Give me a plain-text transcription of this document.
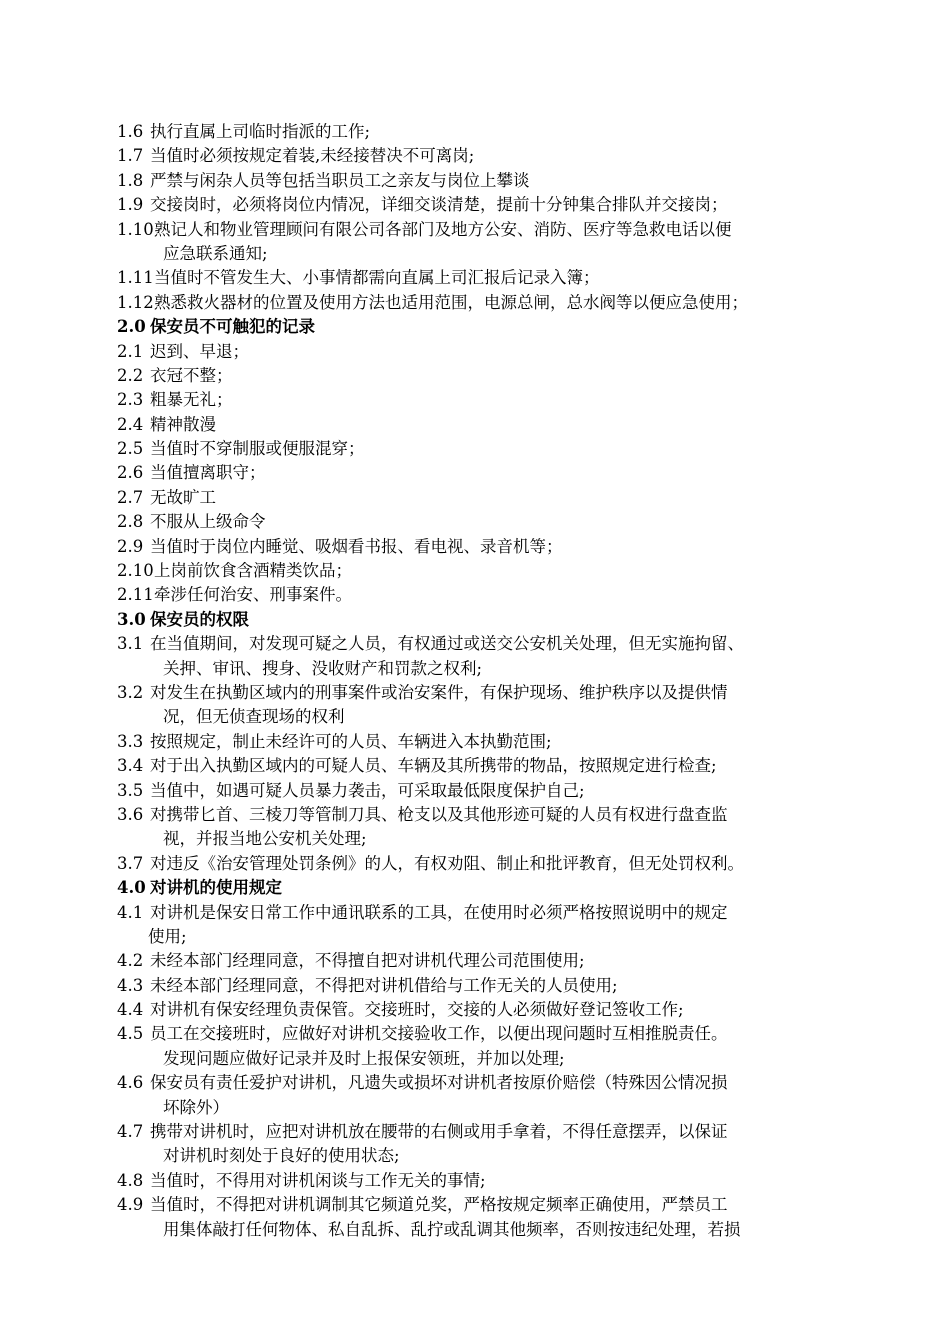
1.6 执行直属上司临时指派的工作;
1.7 当值时必须按规定着装,未经接替决不可离岗;
1.8 严禁与闲杂人员等包括当职员工之亲友与岗位上攀谈
1.9 交接岗时，必须将岗位内情况，详细交谈清楚，提前十分钟集合排队并交接岗；
1.10 熟记人和物业管理顾问有限公司各部门及地方公安、消防、医疗等急救电话以便
应急联系通知;
1.11 当值时不管发生大、小事情都需向直属上司汇报后记录入簿；
1.12 熟悉救火器材的位置及使用方法也适用范围，电源总闸，总水阀等以便应急使用；
2.0 保安员不可触犯的记录
2.1 迟到、早退；
2.2 衣冠不整；
2.3 粗暴无礼；
2.4 精神散漫
2.5 当值时不穿制服或便服混穿；
2.6 当值擅离职守；
2.7 无故旷工
2.8 不服从上级命令
2.9 当值时于岗位内睡觉、吸烟看书报、看电视、录音机等；
2.10 上岗前饮食含酒精类饮品；
2.11 牵涉任何治安、刑事案件。
3.0 保安员的权限
3.1 在当值期间，对发现可疑之人员，有权通过或送交公安机关处理，但无实施拘留、
关押、审讯、搜身、没收财产和罚款之权利;
3.2 对发生在执勤区域内的刑事案件或治安案件，有保护现场、维护秩序以及提供情
况，但无侦查现场的权利
3.3 按照规定，制止未经许可的人员、车辆进入本执勤范围;
3.4 对于出入执勤区域内的可疑人员、车辆及其所携带的物品，按照规定进行检查;
3.5 当值中，如遇可疑人员暴力袭击，可采取最低限度保护自己;
3.6 对携带匕首、三棱刀等管制刀具、枪支以及其他形迹可疑的人员有权进行盘查监
视，并报当地公安机关处理;
3.7 对违反《治安管理处罚条例》的人，有权劝阻、制止和批评教育，但无处罚权利。
4.0 对讲机的使用规定
4.1 对讲机是保安日常工作中通讯联系的工具，在使用时必须严格按照说明中的规定
使用;
4.2 未经本部门经理同意，不得擅自把对讲机代理公司范围使用;
4.3 未经本部门经理同意，不得把对讲机借给与工作无关的人员使用;
4.4 对讲机有保安经理负责保管。交接班时，交接的人必须做好登记签收工作;
4.5 员工在交接班时，应做好对讲机交接验收工作，以便出现问题时互相推脱责任。
发现问题应做好记录并及时上报保安领班，并加以处理;
4.6 保安员有责任爱护对讲机，凡遗失或损坏对讲机者按原价赔偿（特殊因公情况损
坏除外）
4.7 携带对讲机时，应把对讲机放在腰带的右侧或用手拿着，不得任意摆弄，以保证
对讲机时刻处于良好的使用状态;
4.8 当值时，不得用对讲机闲谈与工作无关的事情;
4.9 当值时，不得把对讲机调制其它频道兑奖，严格按规定频率正确使用，严禁员工
用集体敲打任何物体、私自乱拆、乱拧或乱调其他频率，否则按违纪处理，若损
